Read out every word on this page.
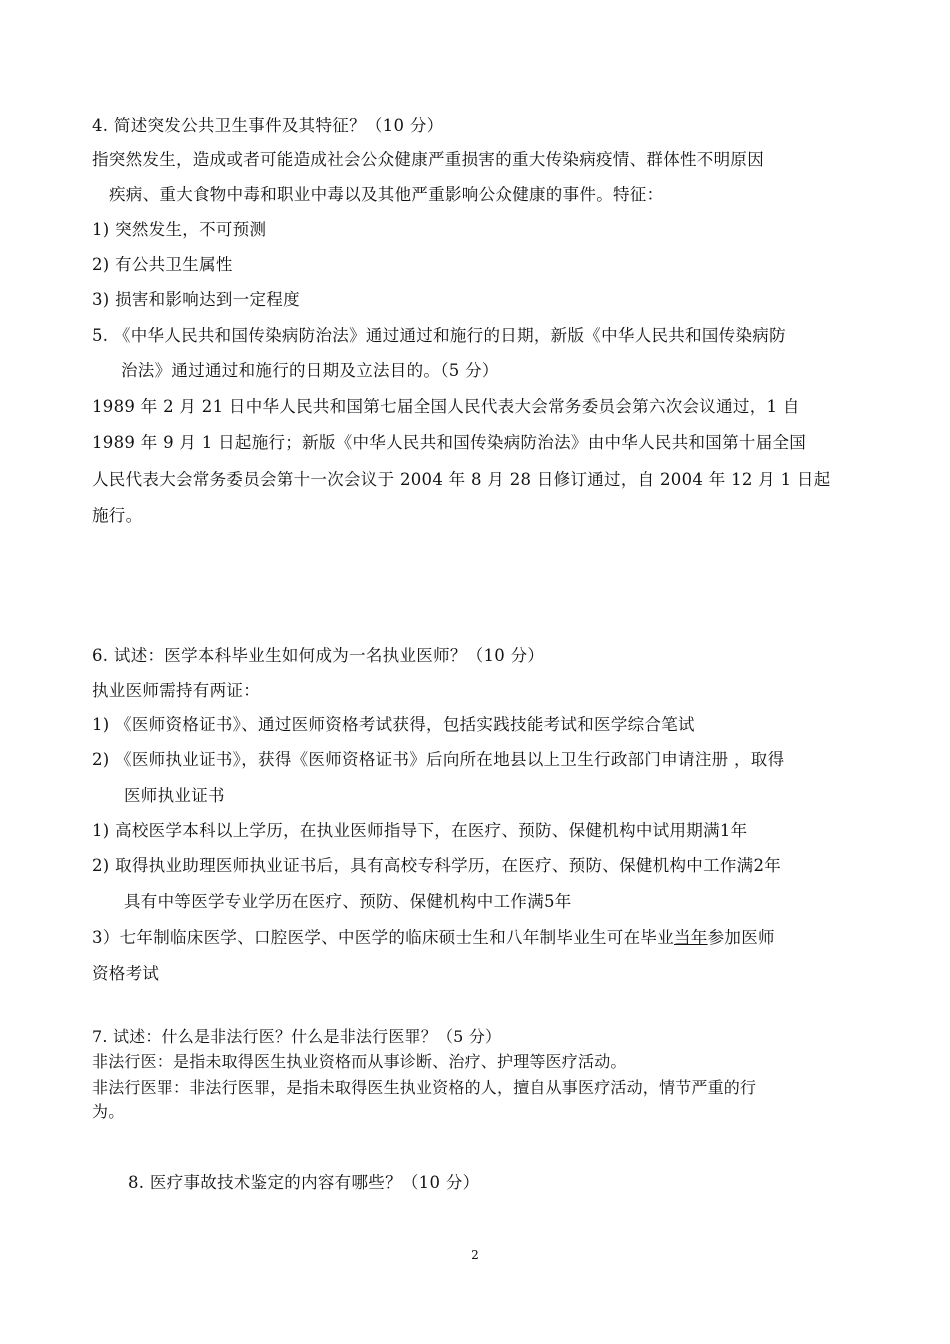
4. 简述突发公共卫生事件及其特征？（10 分）
指突然发生，造成或者可能造成社会公众健康严重损害的重大传染病疫情、群体性不明原因
疾病、重大食物中毒和职业中毒以及其他严重影响公众健康的事件。特征：
1) 突然发生，不可预测
2) 有公共卫生属性
3) 损害和影响达到一定程度
5. 《中华人民共和国传染病防治法》通过通过和施行的日期，新版《中华人民共和国传染病防
治法》通过通过和施行的日期及立法目的。（5 分）
1989 年 2 月 21 日中华人民共和国第七届全国人民代表大会常务委员会第六次会议通过，1 自
1989 年 9 月 1 日起施行；新版《中华人民共和国传染病防治法》由中华人民共和国第十届全国
人民代表大会常务委员会第十一次会议于 2004 年 8 月 28 日修订通过，自 2004 年 12 月 1 日起
施行。
6. 试述：医学本科毕业生如何成为一名执业医师？（10 分）
执业医师需持有两证：
1) 《医师资格证书》、通过医师资格考试获得，包括实践技能考试和医学综合笔试
2) 《医师执业证书》，获得《医师资格证书》后向所在地县以上卫生行政部门申请注册 ，取得
医师执业证书
1) 高校医学本科以上学历，在执业医师指导下，在医疗、预防、保健机构中试用期满1年
2) 取得执业助理医师执业证书后，具有高校专科学历，在医疗、预防、保健机构中工作满2年
具有中等医学专业学历在医疗、预防、保健机构中工作满5年
3）七年制临床医学、口腔医学、中医学的临床硕士生和八年制毕业生可在毕业当年参加医师
资格考试
7. 试述：什么是非法行医？什么是非法行医罪？（5 分）
非法行医：是指未取得医生执业资格而从事诊断、治疗、护理等医疗活动。
非法行医罪：非法行医罪，是指未取得医生执业资格的人，擅自从事医疗活动，情节严重的行
为。
8. 医疗事故技术鉴定的内容有哪些？（10 分）
2
